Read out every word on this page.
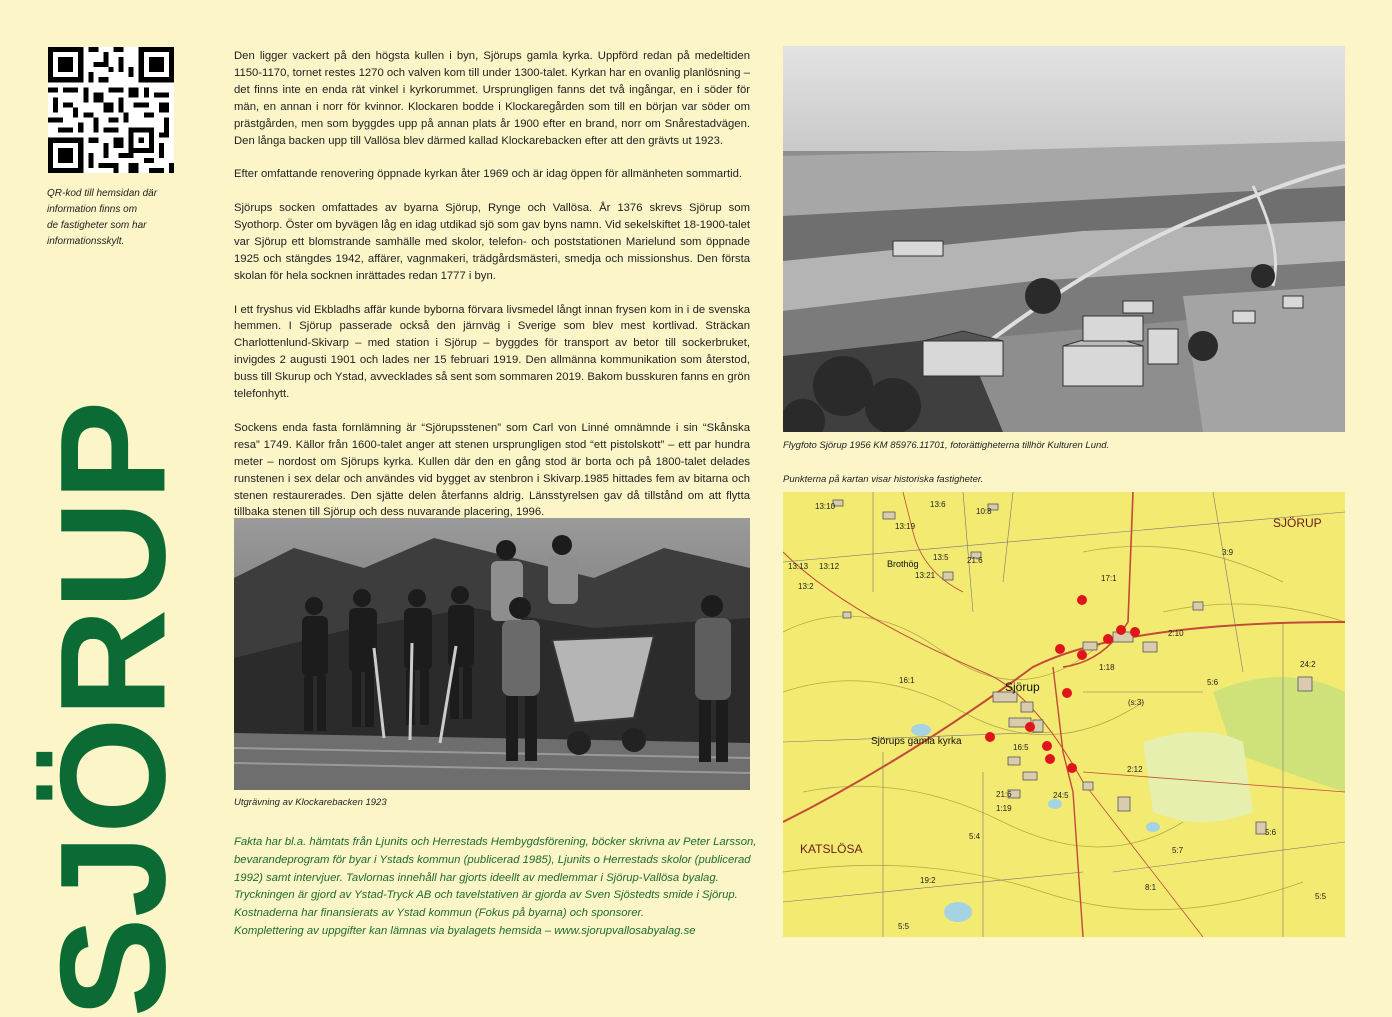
QR-kod till hemsidan där
information finns om
de fastigheter som har
informationsskylt.
SJÖRUP

Den ligger vackert på den högsta kullen i byn, Sjörups gamla kyrka. Uppförd redan på medeltiden 1150-1170, tornet restes 1270 och valven kom till under 1300-talet. Kyrkan har en ovanlig planlösning – det finns inte en enda rät vinkel i kyrkorummet. Ursprungligen fanns det två ingångar, en i söder för män, en annan i norr för kvinnor. Klockaren bodde i Klockaregården som till en början var söder om prästgården, men som byggdes upp på annan plats år 1900 efter en brand, norr om Snårestadvägen. Den långa backen upp till Vallösa blev därmed kallad Klockarebacken efter att den grävts ut 1923.

Efter omfattande renovering öppnade kyrkan åter 1969 och är idag öppen för allmänheten sommartid.

Sjörups socken omfattades av byarna Sjörup, Rynge och Vallösa. År 1376 skrevs Sjörup som Syothorp. Öster om byvägen låg en idag utdikad sjö som gav byns namn. Vid sekelskiftet 18-1900-talet var Sjörup ett blomstrande samhälle med skolor, telefon- och poststationen Marielund som öppnade 1925 och stängdes 1942, affärer, vagnmakeri, trädgårdsmästeri, smedja och missionshus. Den första skolan för hela socknen inrättades redan 1777 i byn.

I ett fryshus vid Ekbladhs affär kunde byborna förvara livsmedel långt innan frysen kom in i de svenska hemmen. I Sjörup passerade också den järnväg i Sverige som blev mest kortlivad. Sträckan Charlottenlund-Skivarp – med station i Sjörup – byggdes för transport av betor till sockerbruket, invigdes 2 augusti 1901 och lades ner 15 februari 1919. Den allmänna kommunikation som återstod, buss till Skurup och Ystad, avvecklades så sent som sommaren 2019. Bakom busskuren fanns en grön telefonhytt.

Sockens enda fasta fornlämning är “Sjörupsstenen” som Carl von Linné omnämnde i sin “Skånska resa” 1749. Källor från 1600-talet anger att stenen ursprungligen stod “ett pistolskott” – ett par hundra meter – nordost om Sjörups kyrka. Kullen där den en gång stod är borta och på 1800-talet delades runstenen i sex delar och användes vid bygget av stenbron i Skivarp.1985 hittades fem av bitarna och stenen restaurerades. Den sjätte delen återfanns aldrig. Länsstyrelsen gav då tillstånd om att flytta tillbaka stenen till Sjörup och dess nuvarande placering, 1996.

Utgrävning av Klockarebacken 1923
Fakta har bl.a. hämtats från Ljunits och Herrestads Hembygdsförening, böcker skrivna av Peter Larsson,
bevarandeprogram för byar i Ystads kommun (publicerad 1985), Ljunits o Herrestads skolor (publicerad
1992) samt intervjuer. Tavlornas innehåll har gjorts ideellt av medlemmar i Sjörup-Vallösa byalag.
Tryckningen är gjord av Ystad-Tryck AB och tavelstativen är gjorda av Sven Sjöstedts smide i Sjörup.
Kostnaderna har finansierats av Ystad kommun (Fokus på byarna) och sponsorer.
Komplettering av uppgifter kan lämnas via byalagets hemsida – www.sjorupvallosabyalag.se
Flygfoto Sjörup 1956 KM 85976.11701, fotorättigheterna tillhör Kulturen Lund.
Punkterna på kartan visar historiska fastigheter.
SJÖRUP
Sjörup
Sjörups gamla kyrka
KATSLÖSA
Brothög
13:10
13:19
13:6
10:8
13:13 13:12
13:2
13:5
13:21
21:6
3:9
17:1
2:10
1:18	24:2
16:1	5:6
(s:3)
16:5
2:12
21:6
1:19
24:5
5:4	5:6
5:7
19:2
8:1
5:5
5:5
